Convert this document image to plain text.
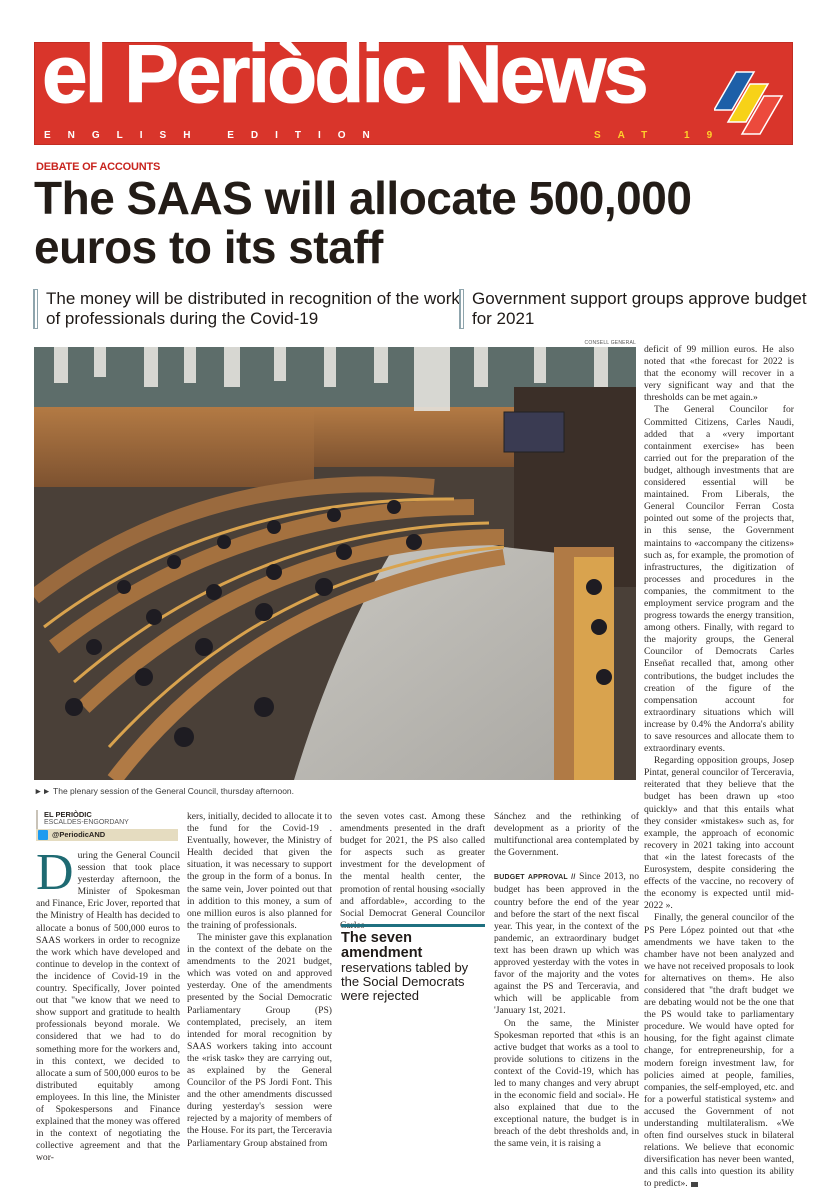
el Periòdic News
ENGLISH EDITION	SAT 19
DEBATE OF ACCOUNTS
The SAAS will allocate 500,000 euros to its staff
The money will be distributed in recognition of the work of professionals during the Covid-19
Government support groups approve budget for 2021
CONSELL GENERAL
►► The plenary session of the General Council, thursday afternoon.
EL PERIÒDIC
ESCALDES-ENGORDANY
@PeriodicAND
D uring the General Council session that took place yesterday afternoon, the Minister of Spokesman and Finance, Eric Jover, reported that the Ministry of Health has decided to allocate a bonus of 500,000 euros to SAAS workers in order to recognize the work which have developed and continue to develop in the context of the incidence of Covid-19 in the country. Specifically, Jover pointed out that "we know that we need to show support and gratitude to health professionals beyond morale. We considered that we had to do something more for the workers and, in this context, we decided to allocate a sum of 500,000 euros to be distributed equitably among employees. In this line, the Minister of Spokespersons and Finance explained that the money was offered in the context of negotiating the collective agreement and that the wor-

kers, initially, decided to allocate it to the fund for the Covid-19 . Eventually, however, the Ministry of Health decided that given the situation, it was necessary to support the group in the form of a bonus. In the same vein, Jover pointed out that in addition to this money, a sum of one million euros is also planned for the training of professionals.

The minister gave this explanation in the context of the debate on the amendments to the 2021 budget, which was voted on and approved yesterday. One of the amendments presented by the Social Democratic Parliamentary Group (PS) contemplated, precisely, an item intended for moral recognition by SAAS workers taking into account the «risk task» they are carrying out, as explained by the General Councilor of the PS Jordi Font. This and the other amendments discussed during yesterday's session were rejected by a majority of members of the House. For its part, the Terceravia Parliamentary Group abstained from

the seven votes cast. Among these amendments presented in the draft budget for 2021, the PS also called for aspects such as greater investment for the development of the mental health center, the promotion of rental housing «socially and affordable», according to the Social Democrat General Councilor Carles

The seven amendment
reservations tabled by the Social Democrats were rejected

Sánchez and the rethinking of development as a priority of the multifunctional area contemplated by the Government.

BUDGET APPROVAL // Since 2013, no budget has been approved in the country before the end of the year and before the start of the next fiscal year. This year, in the context of the pandemic, an extraordinary budget text has been drawn up which was approved yesterday with the votes in favor of the majority and the votes against the PS and Terceravia, and which will be applicable from 'January 1st, 2021.

On the same, the Minister Spokesman reported that «this is an active budget that works as a tool to provide solutions to citizens in the context of the Covid-19, which has led to many changes and very abrupt in the economic field and social». He also explained that due to the exceptional nature, the budget is in breach of the debt thresholds and, in the same vein, it is raising a

deficit of 99 million euros. He also noted that «the forecast for 2022 is that the economy will recover in a very significant way and that the thresholds can be met again.»

The General Councilor for Committed Citizens, Carles Naudi, added that a «very important containment exercise» has been carried out for the preparation of the budget, although investments that are considered essential will be maintained. From Liberals, the General Councilor Ferran Costa pointed out some of the projects that, in this sense, the Government maintains to «accompany the citizens» such as, for example, the promotion of infrastructures, the digitization of processes and procedures in the companies, the commitment to the employment service program and the progress towards the energy transition, among others. Finally, with regard to the majority groups, the General Councilor of Democrats Carles Enseñat recalled that, among other contributions, the budget includes the creation of the figure of the compensation account for extraordinary situations which will increase by 0.4% the Andorra's ability to save resources and allocate them to extraordinary events.

Regarding opposition groups, Josep Pintat, general councilor of Terceravia, reiterated that they believe that the budget has been drawn up «too quickly» and that this entails what they consider «mistakes» such as, for example, the approach of economic recovery in 2021 taking into account that «in the latest forecasts of the Eurosystem, despite considering the effects of the vaccine, no recovery of the economy is expected until mid-2022 ».

Finally, the general councilor of the PS Pere López pointed out that «the amendments we have taken to the chamber have not been analyzed and we have not received proposals to look for alternatives on them». He also considered that "the draft budget we are debating would not be the one that the PS would take to parliamentary procedure. We would have opted for housing, for the fight against climate change, for entrepreneurship, for a modern foreign investment law, for policies aimed at people, families, companies, the self-employed, etc. and for a powerful statistical system» and accused the Government of not understanding multilateralism. «We often find ourselves stuck in bilateral relations. We believe that economic diversification has never been wanted, and this calls into question its ability to predict».
